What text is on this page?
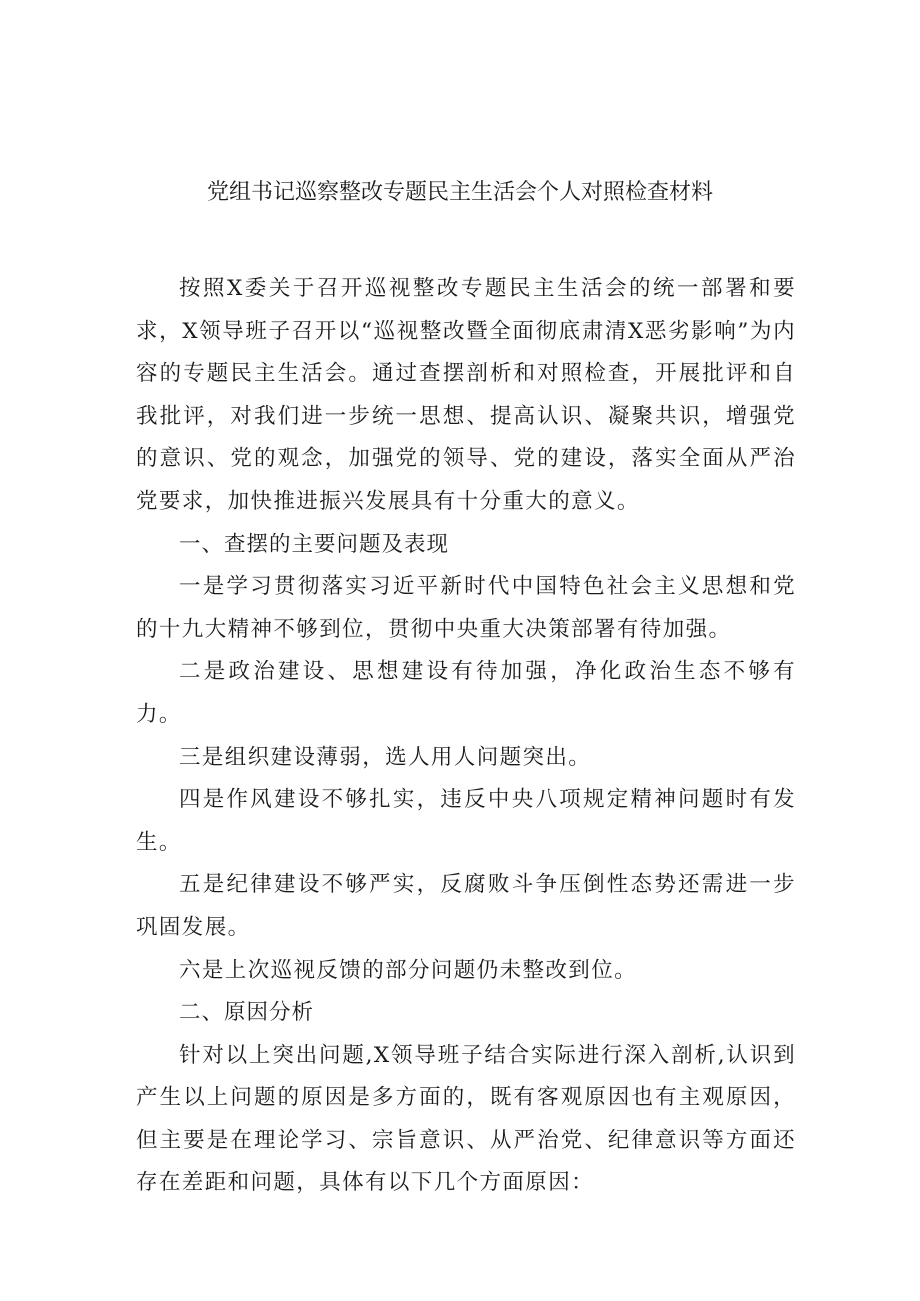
党组书记巡察整改专题民主生活会个人对照检查材料

按照X委关于召开巡视整改专题民主生活会的统一部署和要求，X领导班子召开以“巡视整改暨全面彻底肃清X恶劣影响”为内容的专题民主生活会。通过查摆剖析和对照检查，开展批评和自我批评，对我们进一步统一思想、提高认识、凝聚共识，增强党的意识、党的观念，加强党的领导、党的建设，落实全面从严治党要求，加快推进振兴发展具有十分重大的意义。

一、查摆的主要问题及表现

一是学习贯彻落实习近平新时代中国特色社会主义思想和党的十九大精神不够到位，贯彻中央重大决策部署有待加强。

二是政治建设、思想建设有待加强，净化政治生态不够有力。

三是组织建设薄弱，选人用人问题突出。

四是作风建设不够扎实，违反中央八项规定精神问题时有发生。

五是纪律建设不够严实，反腐败斗争压倒性态势还需进一步巩固发展。

六是上次巡视反馈的部分问题仍未整改到位。

二、原因分析

针对以上突出问题,X领导班子结合实际进行深入剖析,认识到产生以上问题的原因是多方面的，既有客观原因也有主观原因，但主要是在理论学习、宗旨意识、从严治党、纪律意识等方面还存在差距和问题，具体有以下几个方面原因：
